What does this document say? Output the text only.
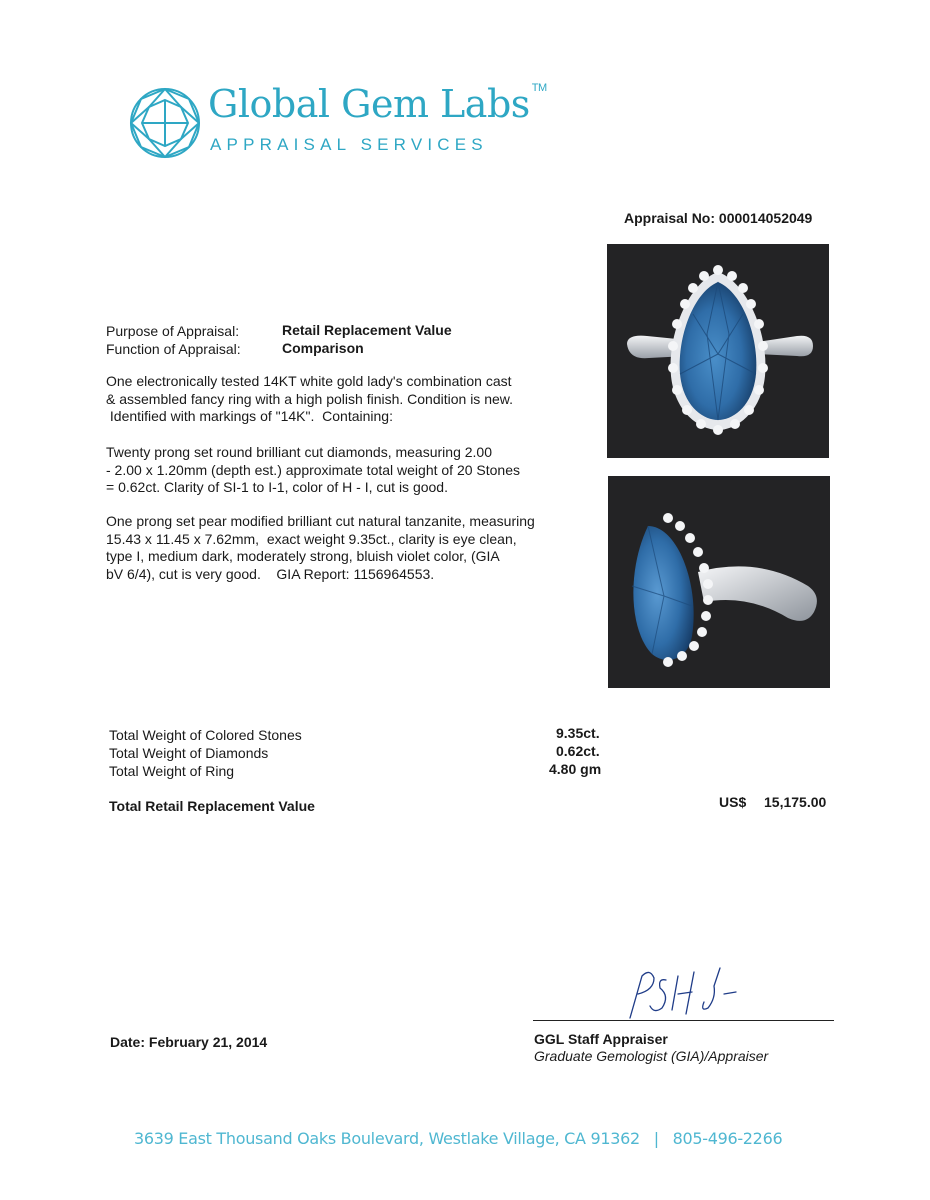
Global Gem Labs ™
APPRAISAL SERVICES
Appraisal No: 000014052049
Purpose of Appraisal:	Retail Replacement Value
Function of Appraisal:	Comparison
One electronically tested 14KT white gold lady's combination cast
& assembled fancy ring with a high polish finish. Condition is new.
Identified with markings of "14K".  Containing:
Twenty prong set round brilliant cut diamonds, measuring 2.00
- 2.00 x 1.20mm (depth est.) approximate total weight of 20 Stones
= 0.62ct. Clarity of SI-1 to I-1, color of H - I, cut is good.
One prong set pear modified brilliant cut natural tanzanite, measuring
15.43 x 11.45 x 7.62mm,  exact weight 9.35ct., clarity is eye clean,
type I, medium dark, moderately strong, bluish violet color, (GIA
bV 6/4), cut is very good.    GIA Report: 1156964553.
Total Weight of Colored Stones	9.35ct.
Total Weight of Diamonds	0.62ct.
Total Weight of Ring	4.80 gm
Total Retail Replacement Value	US$ 15,175.00
GGL Staff Appraiser
Graduate Gemologist (GIA)/Appraiser
Date: February 21, 2014
3639 East Thousand Oaks Boulevard, Westlake Village, CA 91362 | 805-496-2266
